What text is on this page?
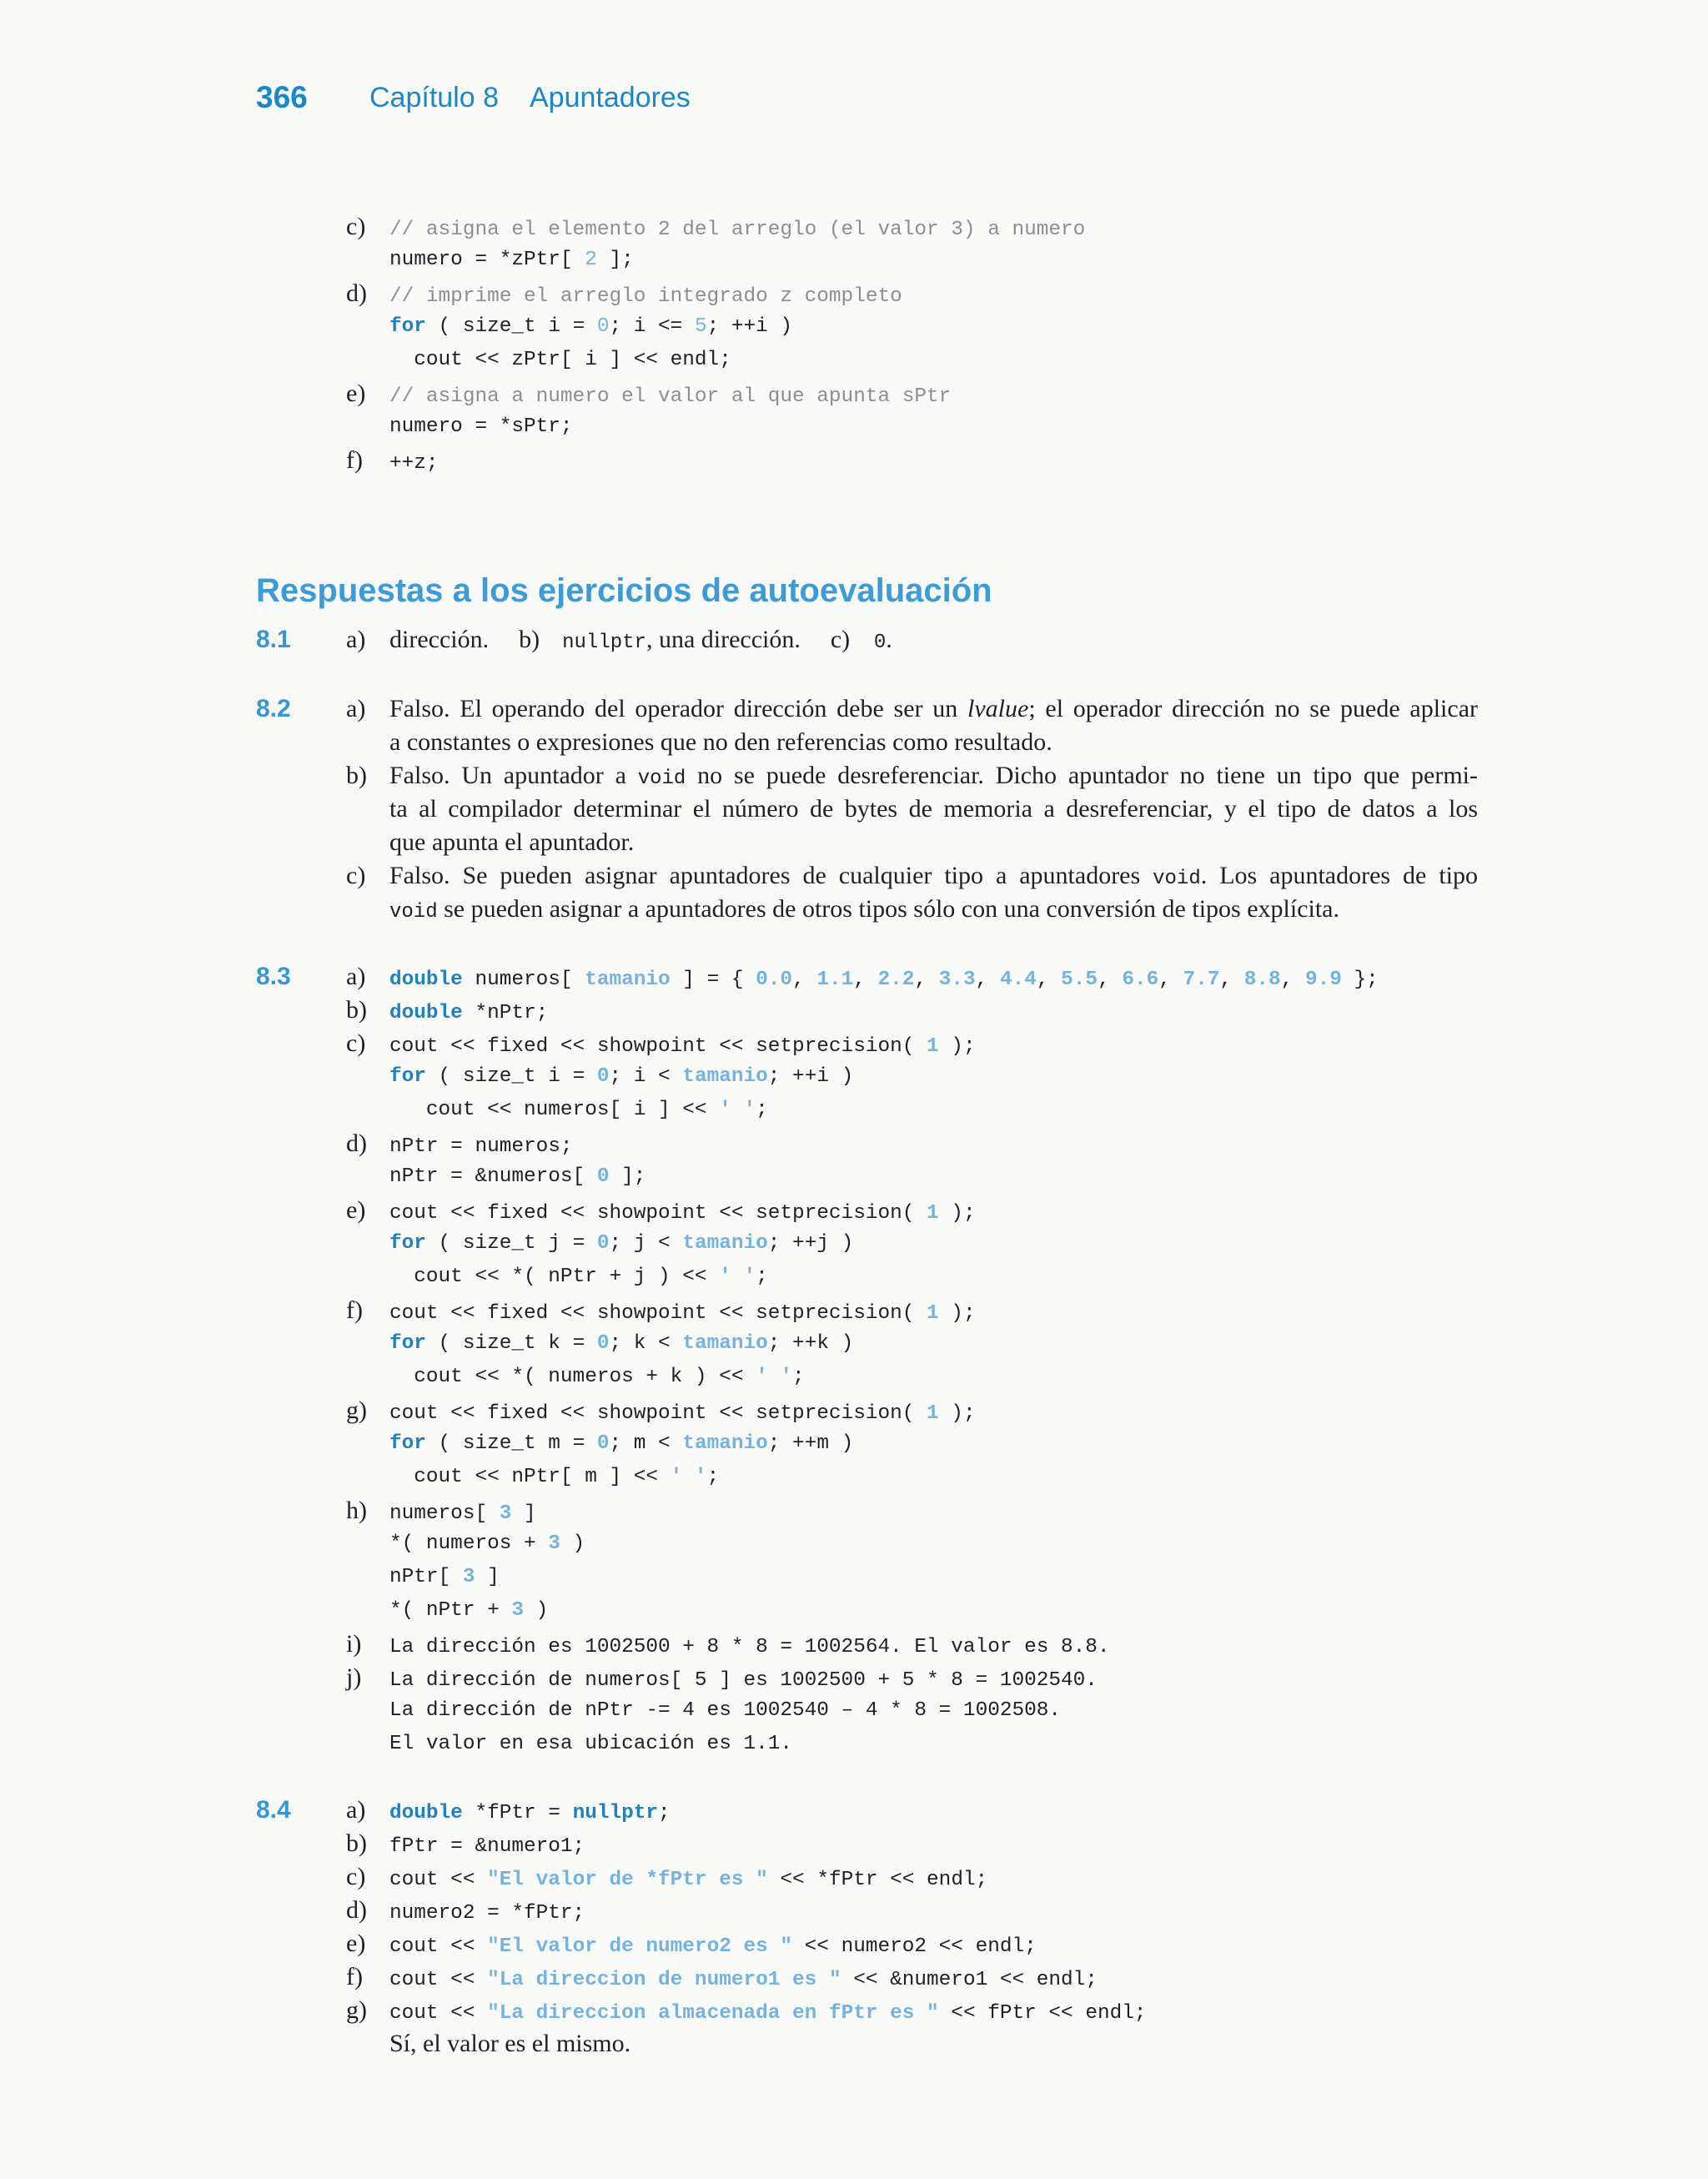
366 Capítulo 8 Apuntadores
c) // asigna el elemento 2 del arreglo (el valor 3) a numero
numero = *zPtr[ 2 ];
d) // imprime el arreglo integrado z completo
for ( size_t i = 0; i <= 5; ++i )
cout << zPtr[ i ] << endl;
e) // asigna a numero el valor al que apunta sPtr
numero = *sPtr;
f) ++z;
Respuestas a los ejercicios de autoevaluación
8.1 a) dirección. b) nullptr, una dirección. c) 0.
8.2 a) Falso. El operando del operador dirección debe ser un lvalue; el operador dirección no se puede aplicar
a constantes o expresiones que no den referencias como resultado.
b) Falso. Un apuntador a void no se puede desreferenciar. Dicho apuntador no tiene un tipo que permi-
ta al compilador determinar el número de bytes de memoria a desreferenciar, y el tipo de datos a los
que apunta el apuntador.
c) Falso. Se pueden asignar apuntadores de cualquier tipo a apuntadores void. Los apuntadores de tipo
void se pueden asignar a apuntadores de otros tipos sólo con una conversión de tipos explícita.
8.3 a) double numeros[ tamanio ] = { 0.0, 1.1, 2.2, 3.3, 4.4, 5.5, 6.6, 7.7, 8.8, 9.9 };
b) double *nPtr;
c) cout << fixed << showpoint << setprecision( 1 );
for ( size_t i = 0; i < tamanio; ++i )
cout << numeros[ i ] << ' ';
d) nPtr = numeros;
nPtr = &numeros[ 0 ];
e) cout << fixed << showpoint << setprecision( 1 );
for ( size_t j = 0; j < tamanio; ++j )
cout << *( nPtr + j ) << ' ';
f) cout << fixed << showpoint << setprecision( 1 );
for ( size_t k = 0; k < tamanio; ++k )
cout << *( numeros + k ) << ' ';
g) cout << fixed << showpoint << setprecision( 1 );
for ( size_t m = 0; m < tamanio; ++m )
cout << nPtr[ m ] << ' ';
h) numeros[ 3 ]
*( numeros + 3 )
nPtr[ 3 ]
*( nPtr + 3 )
i) La dirección es 1002500 + 8 * 8 = 1002564. El valor es 8.8.
j) La dirección de numeros[ 5 ] es 1002500 + 5 * 8 = 1002540.
La dirección de nPtr -= 4 es 1002540 – 4 * 8 = 1002508.
El valor en esa ubicación es 1.1.
8.4 a) double *fPtr = nullptr;
b) fPtr = &numero1;
c) cout << "El valor de *fPtr es " << *fPtr << endl;
d) numero2 = *fPtr;
e) cout << "El valor de numero2 es " << numero2 << endl;
f) cout << "La direccion de numero1 es " << &numero1 << endl;
g) cout << "La direccion almacenada en fPtr es " << fPtr << endl;
Sí, el valor es el mismo.
